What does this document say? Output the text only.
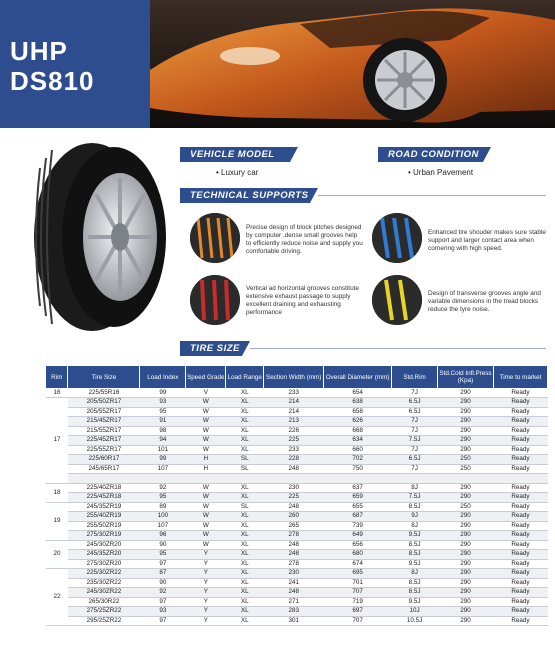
UHP
DS810
VEHICLE MODEL	ROAD CONDITION
• Luxury car	• Urban Pavement
TECHNICAL SUPPORTS
Precise design of block pitches designed by computer ,dense small grooves help to efficiently reduce noise and supply you comfortable driving.
Enhanced tire shouder makes sure stable support and larger contact area when cornering with high speed.
Vertical ad horizontal grooves constitute extensive exhaust passage to supply excellent draining and exhausting performance
Design of transverse grooves angle and variable dimensions in the tread blocks reduce the tyre noise.
TIRE SIZE
Rim	Tire Size	Load Index	Speed Grade	Load Range	Section Width (mm)	Overall Diameter (mm)	Std.Rim	Std.Cold Infl.Press (Kpa)	Time to market
16	225/55R16	99	V	XL	233	654	7J	290	Ready
17	205/50ZR17	93	W	XL	214	638	6.5J	290	Ready
	205/55ZR17	95	W	XL	214	658	6.5J	290	Ready
	215/45ZR17	91	W	XL	213	626	7J	290	Ready
	215/55ZR17	98	W	XL	226	668	7J	290	Ready
	225/45ZR17	94	W	XL	225	634	7.5J	290	Ready
	225/55ZR17	101	W	XL	233	660	7J	290	Ready
	225/60R17	99	H	SL	228	702	6.5J	250	Ready
	245/65R17	107	H	SL	248	750	7J	250	Ready

18	225/40ZR18	92	W	XL	230	637	8J	290	Ready
	225/45ZR18	95	W	XL	225	659	7.5J	290	Ready
19	245/35ZR19	89	W	SL	248	655	8.5J	250	Ready
	255/40ZR19	100	W	XL	260	687	9J	290	Ready
	255/50ZR19	107	W	XL	265	739	8J	290	Ready
	275/30ZR19	96	W	XL	278	649	9.5J	290	Ready
20	245/30ZR20	90	W	XL	248	656	8.5J	290	Ready
	245/35ZR20	95	Y	XL	248	680	8.5J	290	Ready
	275/30ZR20	97	Y	XL	278	674	9.5J	290	Ready
22	225/30ZR22	87	Y	XL	230	695	8J	290	Ready
	235/30ZR22	90	Y	XL	241	701	8.5J	290	Ready
	245/30ZR22	92	Y	XL	248	707	8.5J	290	Ready
	265/30R22	97	Y	XL	271	719	9.5J	290	Ready
	275/25ZR22	93	Y	XL	283	697	10J	290	Ready
	295/25ZR22	97	Y	XL	301	707	10.5J	290	Ready
